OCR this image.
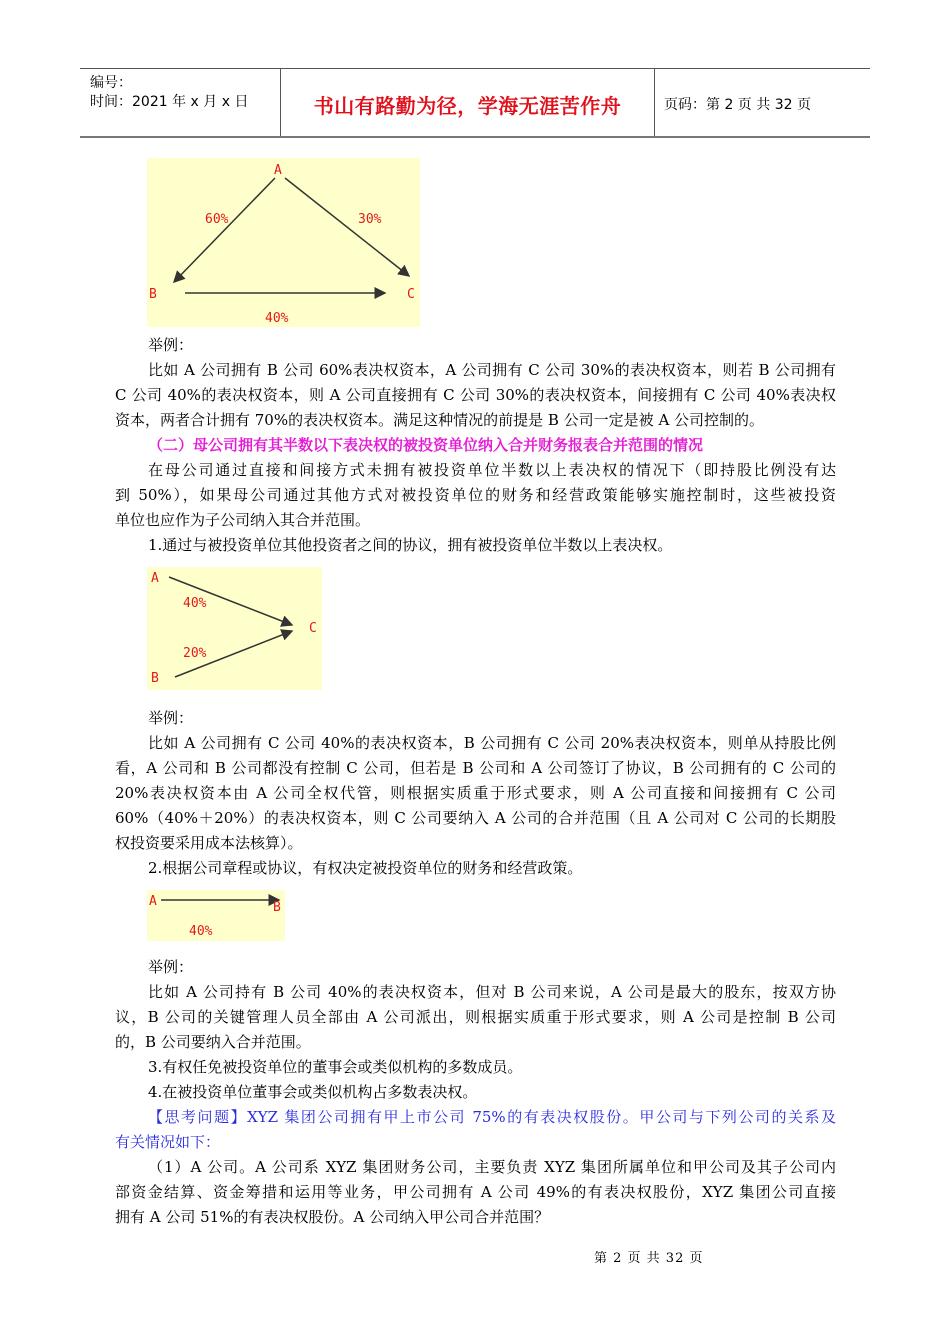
编号：
时间：2021 年 x 月 x 日	书山有路勤为径，学海无涯苦作舟	页码：第 2 页 共 32 页
A
B	C
60%	30%
40%
举例：
比如 A 公司拥有 B 公司 60%表决权资本，A 公司拥有 C 公司 30%的表决权资本，则若 B 公司拥有
C 公司 40%的表决权资本，则 A 公司直接拥有 C 公司 30%的表决权资本，间接拥有 C 公司 40%表决权
资本，两者合计拥有 70%的表决权资本。满足这种情况的前提是 B 公司一定是被 A 公司控制的。
（二）母公司拥有其半数以下表决权的被投资单位纳入合并财务报表合并范围的情况
在母公司通过直接和间接方式未拥有被投资单位半数以上表决权的情况下（即持股比例没有达
到 50%），如果母公司通过其他方式对被投资单位的财务和经营政策能够实施控制时，这些被投资
单位也应作为子公司纳入其合并范围。
1.通过与被投资单位其他投资者之间的协议，拥有被投资单位半数以上表决权。
A
B
C
40%
20%
举例：
比如 A 公司拥有 C 公司 40%的表决权资本，B 公司拥有 C 公司 20%表决权资本，则单从持股比例
看，A 公司和 B 公司都没有控制 C 公司，但若是 B 公司和 A 公司签订了协议，B 公司拥有的 C 公司的
20%表决权资本由 A 公司全权代管，则根据实质重于形式要求，则 A 公司直接和间接拥有 C 公司
60%（40%＋20%）的表决权资本，则 C 公司要纳入 A 公司的合并范围（且 A 公司对 C 公司的长期股
权投资要采用成本法核算）。
2.根据公司章程或协议，有权决定被投资单位的财务和经营政策。
A	B
40%
举例：
比如 A 公司持有 B 公司 40%的表决权资本，但对 B 公司来说，A 公司是最大的股东，按双方协
议，B 公司的关键管理人员全部由 A 公司派出，则根据实质重于形式要求，则 A 公司是控制 B 公司
的，B 公司要纳入合并范围。
3.有权任免被投资单位的董事会或类似机构的多数成员。
4.在被投资单位董事会或类似机构占多数表决权。
【思考问题】XYZ 集团公司拥有甲上市公司 75%的有表决权股份。甲公司与下列公司的关系及
有关情况如下：
（1）A 公司。A 公司系 XYZ 集团财务公司，主要负责 XYZ 集团所属单位和甲公司及其子公司内
部资金结算、资金筹措和运用等业务，甲公司拥有 A 公司 49%的有表决权股份，XYZ 集团公司直接
拥有 A 公司 51%的有表决权股份。A 公司纳入甲公司合并范围？
第 2 页 共 32 页
